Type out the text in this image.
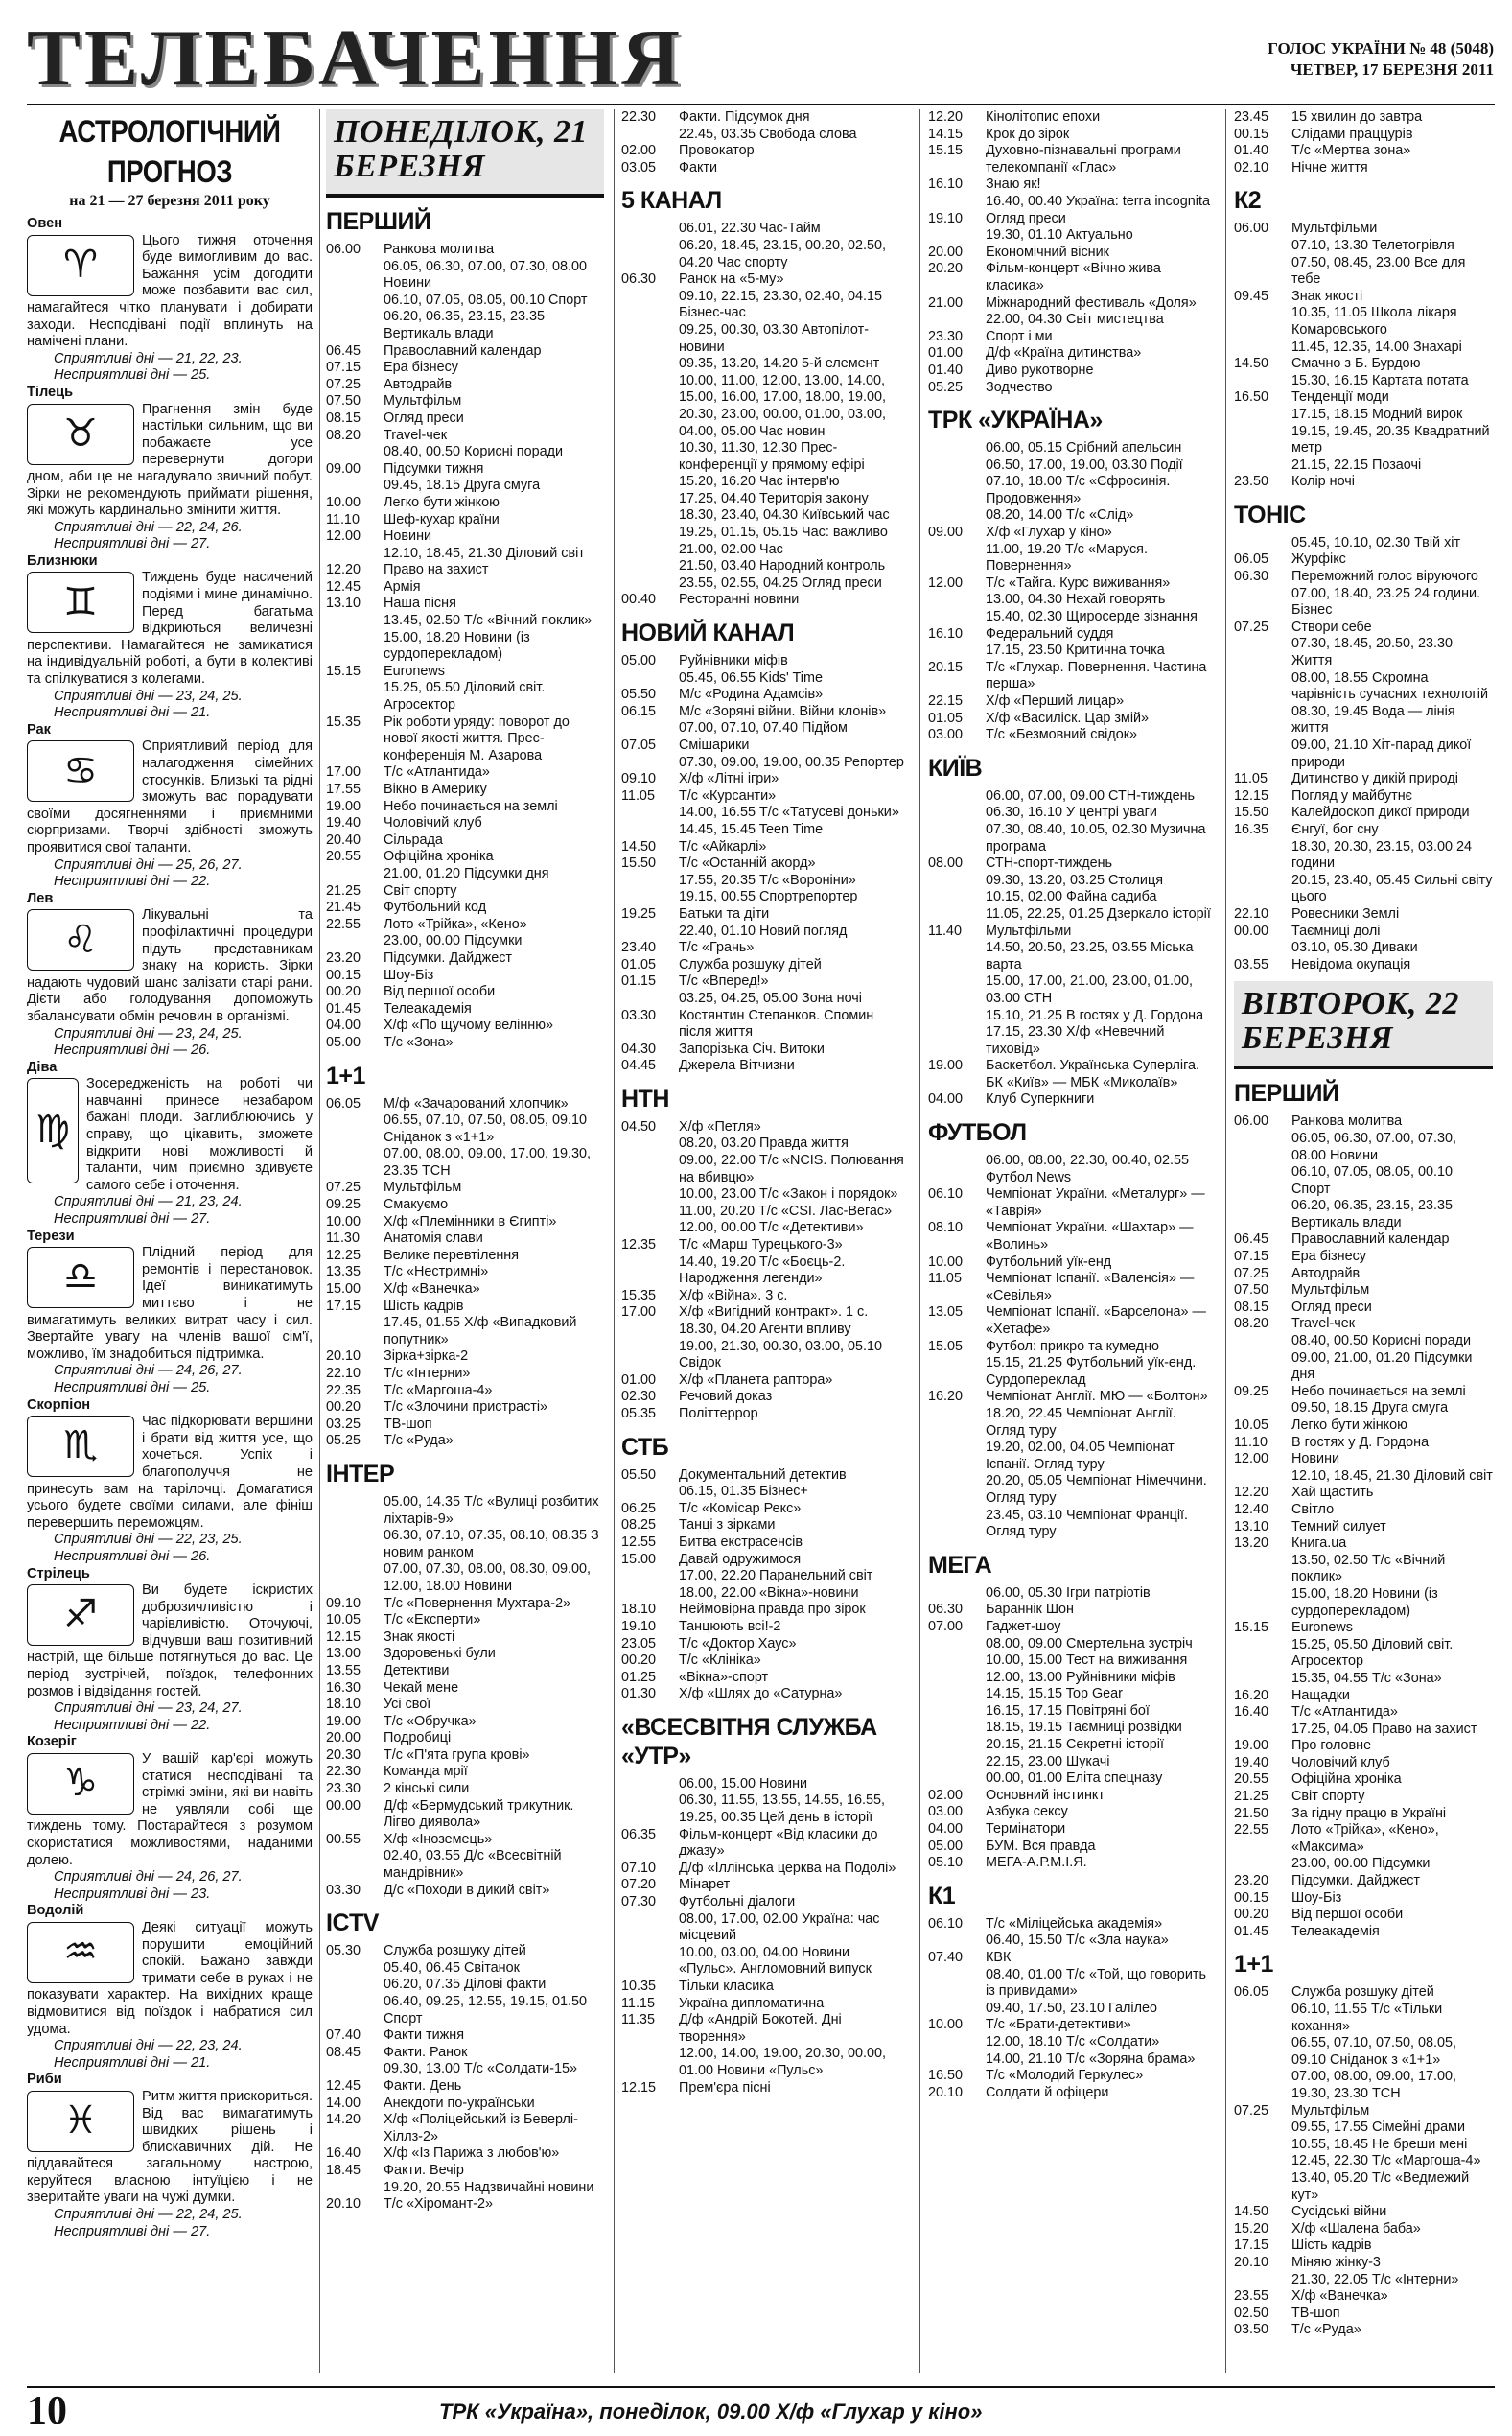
ТЕЛЕБАЧЕННЯ	ГОЛОС УКРАЇНИ № 48 (5048)
ЧЕТВЕР, 17 БЕРЕЗНЯ 2011
АСТРОЛОГІЧНИЙ
ПРОГНОЗ
на 21 — 27 березня 2011 року
Овен
♈
Цього тижня оточення буде вимогливим до вас. Бажання усім догодити може позбавити вас сил, намагайтеся чітко планувати і добирати заходи. Несподівані події вплинуть на намічені плани.
Сприятливі дні — 21, 22, 23.
Несприятливі дні — 25.
Тілець
♉
Прагнення змін буде настільки сильним, що ви побажаєте усе перевернути догори дном, аби це не нагадувало звичний побут. Зірки не рекомендують приймати рішення, які можуть кардинально змінити життя.
Сприятливі дні — 22, 24, 26.
Несприятливі дні — 27.
Близнюки
♊
Тиждень буде насичений подіями і мине динамічно. Перед багатьма відкриються величезні перспективи. Намагайтеся не замикатися на індивідуальній роботі, а бути в колективі та спілкуватися з колегами.
Сприятливі дні — 23, 24, 25.
Несприятливі дні — 21.
Рак
♋
Сприятливий період для налагодження сімейних стосунків. Близькі та рідні зможуть вас порадувати своїми досягненнями і приємними сюрпризами. Творчі здібності зможуть проявитися свої таланти.
Сприятливі дні — 25, 26, 27.
Несприятливі дні — 22.
Лев
♌
Лікувальні та профілактичні процедури підуть представникам знаку на користь. Зірки надають чудовий шанс залізати старі рани. Дієти або голодування допоможуть збалансувати обмін речовин в організмі.
Сприятливі дні — 23, 24, 25.
Несприятливі дні — 26.
Діва
♍
Зосередженість на роботі чи навчанні принесе незабаром бажані плоди. Заглиблюючись у справу, що цікавить, зможете відкрити нові можливості й таланти, чим приємно здивуєте самого себе і оточення.
Сприятливі дні — 21, 23, 24.
Несприятливі дні — 27.
Терези
♎
Плідний період для ремонтів і перестановок. Ідеї виникатимуть миттєво і не вимагатимуть великих витрат часу і сил. Звертайте увагу на членів вашої сім'ї, можливо, їм знадобиться підтримка.
Сприятливі дні — 24, 26, 27.
Несприятливі дні — 25.
Скорпіон
♏
Час підкорювати вершини і брати від життя усе, що хочеться. Успіх і благополуччя не принесуть вам на тарілочці. Домагатися усього будете своїми силами, але фініш перевершить переможцям.
Сприятливі дні — 22, 23, 25.
Несприятливі дні — 26.
Стрілець
♐
Ви будете іскристих доброзичливістю і чарівливістю. Оточуючі, відчувши ваш позитивний настрій, ще більше потягнуться до вас. Це період зустрічей, поїздок, телефонних розмов і відвідання гостей.
Сприятливі дні — 23, 24, 27.
Несприятливі дні — 22.
Козеріг
♑
У вашій кар'єрі можуть статися несподівані та стрімкі зміни, які ви навіть не уявляли собі ще тиждень тому. Постарайтеся з розумом скористатися можливостями, наданими долею.
Сприятливі дні — 24, 26, 27.
Несприятливі дні — 23.
Водолій
♒
Деякі ситуації можуть порушити емоційний спокій. Бажано завжди тримати себе в руках і не показувати характер. На вихідних краще відмовитися від поїздок і набратися сил удома.
Сприятливі дні — 22, 23, 24.
Несприятливі дні — 21.
Риби
♓
Ритм життя прискориться. Від вас вимагатимуть швидких рішень і блискавичних дій. Не піддавайтеся загальному настрою, керуйтеся власною інтуїцією і не зверитайте уваги на чужі думки.
Сприятливі дні — 22, 24, 25.
Несприятливі дні — 27.
ПОНЕДІЛОК, 21 БЕРЕЗНЯ
ПЕРШИЙ
06.00	Ранкова молитва
06.05, 06.30, 07.00, 07.30, 08.00 Новини
06.10, 07.05, 08.05, 00.10 Спорт
06.20, 06.35, 23.15, 23.35 Вертикаль влади
06.45	Православний календар
07.15	Ера бізнесу
07.25	Автодрайв
07.50	Мультфільм
08.15	Огляд преси
08.20	Travel-чек
08.40, 00.50 Корисні поради
09.00	Підсумки тижня
09.45, 18.15 Друга смуга
10.00	Легко бути жінкою
11.10	Шеф-кухар країни
12.00	Новини
12.10, 18.45, 21.30 Діловий світ
12.20	Право на захист
12.45	Армія
13.10	Наша пісня
13.45, 02.50 Т/с «Вічний поклик»
15.00, 18.20 Новини (із сурдоперекладом)
15.15	Euronews
15.25, 05.50 Діловий світ. Агросектор
15.35	Рік роботи уряду: поворот до нової якості життя. Прес-конференція М. Азарова
17.00	Т/с «Атлантида»
17.55	Вікно в Америку
19.00	Небо починається на землі
19.40	Чоловічий клуб
20.40	Сільрада
20.55	Офіційна хроніка
21.00, 01.20 Підсумки дня
21.25	Світ спорту
21.45	Футбольний код
22.55	Лото «Трійка», «Кено»
23.00, 00.00 Підсумки
23.20	Підсумки. Дайджест
00.15	Шоу-Біз
00.20	Від першої особи
01.45	Телеакадемія
04.00	Х/ф «По щучому велінню»
05.00	Т/с «Зона»
1+1
06.05	М/ф «Зачарований хлопчик»
06.55, 07.10, 07.50, 08.05, 09.10 Сніданок з «1+1»
07.00, 08.00, 09.00, 17.00, 19.30, 23.35 ТСН
07.25	Мультфільм
09.25	Смакуємо
10.00	Х/ф «Племінники в Єгипті»
11.30	Анатомія слави
12.25	Велике перевтілення
13.35	Т/с «Нестримні»
15.00	Х/ф «Ванечка»
17.15	Шість кадрів
17.45, 01.55 Х/ф «Випадковий попутник»
20.10	Зірка+зірка-2
22.10	Т/с «Інтерни»
22.35	Т/с «Маргоша-4»
00.20	Т/с «Злочини пристрасті»
03.25	ТВ-шоп
05.25	Т/с «Руда»
ІНТЕР
05.00, 14.35 Т/с «Вулиці розбитих ліхтарів-9»
06.30, 07.10, 07.35, 08.10, 08.35 З новим ранком
07.00, 07.30, 08.00, 08.30, 09.00, 12.00, 18.00 Новини
09.10	Т/с «Повернення Мухтара-2»
10.05	Т/с «Експерти»
12.15	Знак якості
13.00	Здоровенькі були
13.55	Детективи
16.30	Чекай мене
18.10	Усі свої
19.00	Т/с «Обручка»
20.00	Подробиці
20.30	Т/с «П'ята група крові»
22.30	Команда мрії
23.30	2 кінські сили
00.00	Д/ф «Бермудський трикутник. Лігво диявола»
00.55	Х/ф «Іноземець»
02.40, 03.55 Д/с «Всесвітній мандрівник»
03.30	Д/с «Походи в дикий світ»
ICTV
05.30	Служба розшуку дітей
05.40, 06.45 Світанок
06.20, 07.35 Ділові факти
06.40, 09.25, 12.55, 19.15, 01.50 Спорт
07.40	Факти тижня
08.45	Факти. Ранок
09.30, 13.00 Т/с «Солдати-15»
12.45	Факти. День
14.00	Анекдоти по-українськи
14.20	Х/ф «Поліцейський із Беверлі-Хіллз-2»
16.40	Х/ф «Із Парижа з любов'ю»
18.45	Факти. Вечір
19.20, 20.55 Надзвичайні новини
20.10	Т/с «Хіромант-2»
22.30	Факти. Підсумок дня
22.45, 03.35 Свобода слова
02.00	Провокатор
03.05	Факти
5 КАНАЛ
06.01, 22.30 Час-Тайм
06.20, 18.45, 23.15, 00.20, 02.50, 04.20 Час спорту
06.30	Ранок на «5-му»
09.10, 22.15, 23.30, 02.40, 04.15 Бізнес-час
09.25, 00.30, 03.30 Автопілот-новини
09.35, 13.20, 14.20 5-й елемент
10.00, 11.00, 12.00, 13.00, 14.00, 15.00, 16.00, 17.00, 18.00, 19.00, 20.30, 23.00, 00.00, 01.00, 03.00, 04.00, 05.00 Час новин
10.30, 11.30, 12.30 Прес-конференції у прямому ефірі
15.20, 16.20 Час інтерв'ю
17.25, 04.40 Територія закону
18.30, 23.40, 04.30 Київський час
19.25, 01.15, 05.15 Час: важливо
21.00, 02.00 Час
21.50, 03.40 Народний контроль
23.55, 02.55, 04.25 Огляд преси
00.40	Ресторанні новини
НОВИЙ КАНАЛ
05.00	Руйнівники міфів
05.45, 06.55 Kids' Time
05.50	М/с «Родина Адамсів»
06.15	М/с «Зоряні війни. Війни клонів»
07.00, 07.10, 07.40 Підйом
07.05	Смішарики
07.30, 09.00, 19.00, 00.35 Репортер
09.10	Х/ф «Літні ігри»
11.05	Т/с «Курсанти»
14.00, 16.55 Т/с «Татусеві доньки»
14.45, 15.45 Teen Time
14.50	Т/с «Айкарлі»
15.50	Т/с «Останній акорд»
17.55, 20.35 Т/с «Вороніни»
19.15, 00.55 Спортрепортер
19.25	Батьки та діти
22.40, 01.10 Новий погляд
23.40	Т/с «Грань»
01.05	Служба розшуку дітей
01.15	Т/с «Вперед!»
03.25, 04.25, 05.00 Зона ночі
03.30	Костянтин Степанков. Спомин після життя
04.30	Запорізька Січ. Витоки
04.45	Джерела Вітчизни
НТН
04.50	Х/ф «Петля»
08.20, 03.20 Правда життя
09.00, 22.00 Т/с «NCIS. Полювання на вбивцю»
10.00, 23.00 Т/с «Закон і порядок»
11.00, 20.20 Т/с «CSI. Лас-Вегас»
12.00, 00.00 Т/с «Детективи»
12.35	Т/с «Марш Турецького-3»
14.40, 19.20 Т/с «Боєць-2. Народження легенди»
15.35	Х/ф «Війна». 3 с.
17.00	Х/ф «Вигідний контракт». 1 с.
18.30, 04.20 Агенти впливу
19.00, 21.30, 00.30, 03.00, 05.10 Свідок
01.00	Х/ф «Планета раптора»
02.30	Речовий доказ
05.35	Політтеррор
СТБ
05.50	Документальний детектив
06.15, 01.35 Бізнес+
06.25	Т/с «Комісар Рекс»
08.25	Танці з зірками
12.55	Битва екстрасенсів
15.00	Давай одружимося
17.00, 22.20 Паранельний світ
18.00, 22.00 «Вікна»-новини
18.10	Неймовірна правда про зірок
19.10	Танцюють всі!-2
23.05	Т/с «Доктор Хаус»
00.20	Т/с «Клініка»
01.25	«Вікна»-спорт
01.30	Х/ф «Шлях до «Сатурна»
«ВСЕСВІТНЯ СЛУЖБА «УТР»
06.00, 15.00 Новини
06.30, 11.55, 13.55, 14.55, 16.55, 19.25, 00.35 Цей день в історії
06.35	Фільм-концерт «Від класики до джазу»
07.10	Д/ф «Іллінська церква на Подолі»
07.20	Мінарет
07.30	Футбольні діалоги
08.00, 17.00, 02.00 Україна: час місцевий
10.00, 03.00, 04.00 Новини «Пульс». Англомовний випуск
10.35	Тільки класика
11.15	Україна дипломатична
11.35	Д/ф «Андрій Бокотей. Дні творення»
12.00, 14.00, 19.00, 20.30, 00.00, 01.00 Новини «Пульс»
12.15	Прем'єра пісні
12.20	Кінолітопис епохи
14.15	Крок до зірок
15.15	Духовно-пізнавальні програми телекомпанії «Глас»
16.10	Знаю як!
16.40, 00.40 Україна: terra incognita
19.10	Огляд преси
19.30, 01.10 Актуально
20.00	Економічний вісник
20.20	Фільм-концерт «Вічно жива класика»
21.00	Міжнародний фестиваль «Доля»
22.00, 04.30 Світ мистецтва
23.30	Спорт і ми
01.00	Д/ф «Країна дитинства»
01.40	Диво рукотворне
05.25	Зодчество
ТРК «УКРАЇНА»
06.00, 05.15 Срібний апельсин
06.50, 17.00, 19.00, 03.30 Події
07.10, 18.00 Т/с «Єфросинія. Продовження»
08.20, 14.00 Т/с «Слід»
09.00	Х/ф «Глухар у кіно»
11.00, 19.20 Т/с «Маруся. Повернення»
12.00	Т/с «Тайга. Курс виживання»
13.00, 04.30 Нехай говорять
15.40, 02.30 Щиросерде зізнання
16.10	Федеральний суддя
17.15, 23.50 Критична точка
20.15	Т/с «Глухар. Повернення. Частина перша»
22.15	Х/ф «Перший лицар»
01.05	Х/ф «Василіск. Цар змій»
03.00	Т/с «Безмовний свідок»
КИЇВ
06.00, 07.00, 09.00 СТН-тиждень
06.30, 16.10 У центрі уваги
07.30, 08.40, 10.05, 02.30 Музична програма
08.00	СТН-спорт-тиждень
09.30, 13.20, 03.25 Столиця
10.15, 02.00 Файна садиба
11.05, 22.25, 01.25 Дзеркало історії
11.40	Мультфільми
14.50, 20.50, 23.25, 03.55 Міська варта
15.00, 17.00, 21.00, 23.00, 01.00, 03.00 СТН
15.10, 21.25 В гостях у Д. Гордона
17.15, 23.30 Х/ф «Невечний тиховід»
19.00	Баскетбол. Українська Суперліга. БК «Київ» — МБК «Миколаїв»
04.00	Клуб Суперкниги
ФУТБОЛ
06.00, 08.00, 22.30, 00.40, 02.55 Футбол News
06.10	Чемпіонат України. «Металург» — «Таврія»
08.10	Чемпіонат України. «Шахтар» — «Волинь»
10.00	Футбольний уїк-енд
11.05	Чемпіонат Іспанії. «Валенсія» — «Севілья»
13.05	Чемпіонат Іспанії. «Барселона» — «Хетафе»
15.05	Футбол: прикро та кумедно
15.15, 21.25 Футбольний уїк-енд. Сурдопереклад
16.20	Чемпіонат Англії. МЮ — «Болтон»
18.20, 22.45 Чемпіонат Англії. Огляд туру
19.20, 02.00, 04.05 Чемпіонат Іспанії. Огляд туру
20.20, 05.05 Чемпіонат Німеччини. Огляд туру
23.45, 03.10 Чемпіонат Франції. Огляд туру
МЕГА
06.00, 05.30 Ігри патріотів
06.30	Бараннік Шон
07.00	Гаджет-шоу
08.00, 09.00 Смертельна зустріч
10.00, 15.00 Тест на виживання
12.00, 13.00 Руйнівники міфів
14.15, 15.15 Top Gear
16.15, 17.15 Повітряні бої
18.15, 19.15 Таємниці розвідки
20.15, 21.15 Секретні історії
22.15, 23.00 Шукачі
00.00, 01.00 Еліта спецназу
02.00	Основний інстинкт
03.00	Азбука сексу
04.00	Термінатори
05.00	БУМ. Вся правда
05.10	МЕГА-А.Р.М.І.Я.
К1
06.10	Т/с «Міліцейська академія»
06.40, 15.50 Т/с «Зла наука»
07.40	КВК
08.40, 01.00 Т/с «Той, що говорить із привидами»
09.40, 17.50, 23.10 Галілео
10.00	Т/с «Брати-детективи»
12.00, 18.10 Т/с «Солдати»
14.00, 21.10 Т/с «Зоряна брама»
16.50	Т/с «Молодий Геркулес»
20.10	Солдати й офіцери
23.45	15 хвилин до завтра
00.15	Слідами праццурів
01.40	Т/с «Мертва зона»
02.10	Нічне життя
К2
06.00	Мультфільми
07.10, 13.30 Телетогрівля
07.50, 08.45, 23.00 Все для тебе
09.45	Знак якості
10.35, 11.05 Школа лікаря Комаровського
11.45, 12.35, 14.00 Знахарі
14.50	Смачно з Б. Бурдою
15.30, 16.15 Картата потата
16.50	Тенденції моди
17.15, 18.15 Модний вирок
19.15, 19.45, 20.35 Квадратний метр
21.15, 22.15 Позаочі
23.50	Колір ночі
ТОНІС
05.45, 10.10, 02.30 Твій хіт
06.05	Журфікс
06.30	Переможний голос віруючого
07.00, 18.40, 23.25 24 години. Бізнес
07.25	Створи себе
07.30, 18.45, 20.50, 23.30 Життя
08.00, 18.55 Скромна чарівність сучасних технологій
08.30, 19.45 Вода — лінія життя
09.00, 21.10 Хіт-парад дикої природи
11.05	Дитинство у дикій природі
12.15	Погляд у майбутнє
15.50	Калейдоскоп дикої природи
16.35	Єнгуї, бог сну
18.30, 20.30, 23.15, 03.00 24 години
20.15, 23.40, 05.45 Сильні світу цього
22.10	Ровесники Землі
00.00	Таємниці долі
03.10, 05.30 Диваки
03.55	Невідома окупація
ВІВТОРОК, 22 БЕРЕЗНЯ
ПЕРШИЙ
06.00	Ранкова молитва
06.05, 06.30, 07.00, 07.30, 08.00 Новини
06.10, 07.05, 08.05, 00.10 Спорт
06.20, 06.35, 23.15, 23.35 Вертикаль влади
06.45	Православний календар
07.15	Ера бізнесу
07.25	Автодрайв
07.50	Мультфільм
08.15	Огляд преси
08.20	Travel-чек
08.40, 00.50 Корисні поради
09.00, 21.00, 01.20 Підсумки дня
09.25	Небо починається на землі
09.50, 18.15 Друга смуга
10.05	Легко бути жінкою
11.10	В гостях у Д. Гордона
12.00	Новини
12.10, 18.45, 21.30 Діловий світ
12.20	Хай щастить
12.40	Світло
13.10	Темний силует
13.20	Книга.ua
13.50, 02.50 Т/с «Вічний поклик»
15.00, 18.20 Новини (із сурдоперекладом)
15.15	Euronews
15.25, 05.50 Діловий світ. Агросектор
15.35, 04.55 Т/с «Зона»
16.20	Нащадки
16.40	Т/с «Атлантида»
17.25, 04.05 Право на захист
19.00	Про головне
19.40	Чоловічий клуб
20.55	Офіційна хроніка
21.25	Світ спорту
21.50	За гідну працю в Україні
22.55	Лото «Трійка», «Кено», «Максима»
23.00, 00.00 Підсумки
23.20	Підсумки. Дайджест
00.15	Шоу-Біз
00.20	Від першої особи
01.45	Телеакадемія
1+1
06.05	Служба розшуку дітей
06.10, 11.55 Т/с «Тільки кохання»
06.55, 07.10, 07.50, 08.05, 09.10 Сніданок з «1+1»
07.00, 08.00, 09.00, 17.00, 19.30, 23.30 ТСН
07.25	Мультфільм
09.55, 17.55 Сімейні драми
10.55, 18.45 Не бреши мені
12.45, 22.30 Т/с «Маргоша-4»
13.40, 05.20 Т/с «Ведмежий кут»
14.50	Сусідські війни
15.20	Х/ф «Шалена баба»
17.15	Шість кадрів
20.10	Міняю жінку-3
21.30, 22.05 Т/с «Інтерни»
23.55	Х/ф «Ванечка»
02.50	ТВ-шоп
03.50	Т/с «Руда»
10	ТРК «Україна», понеділок, 09.00 Х/ф «Глухар у кіно»
